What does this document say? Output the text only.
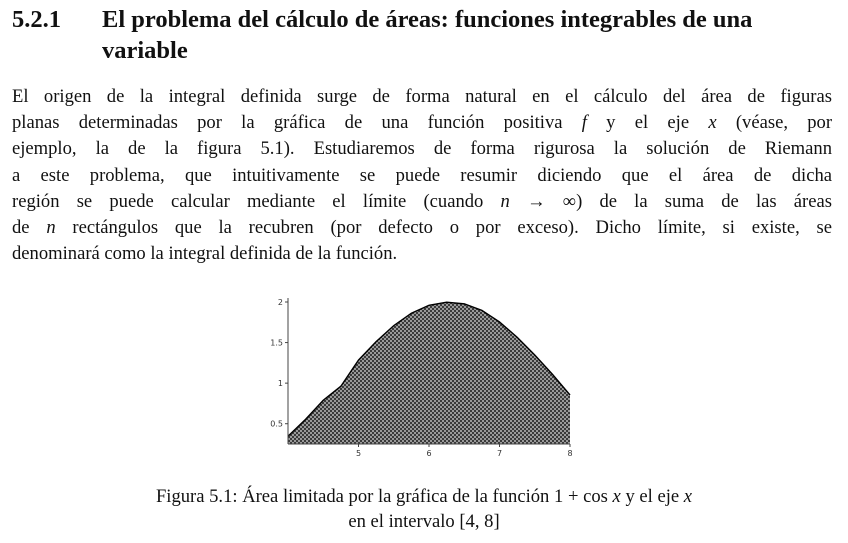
5.2.1	El problema del cálculo de áreas: funciones integrables de una variable
El origen de la integral definida surge de forma natural en el cálculo del área de figuras
planas determinadas por la gráfica de una función positiva f y el eje x (véase, por
ejemplo, la de la figura 5.1). Estudiaremos de forma rigurosa la solución de Riemann
a este problema, que intuitivamente se puede resumir diciendo que el área de dicha
región se puede calcular mediante el límite (cuando n → ∞) de la suma de las áreas
de n rectángulos que la recubren (por defecto o por exceso). Dicho límite, si existe, se
denominará como la integral definida de la función.
5	6	7	8
0.5
1
1.5
2
Figura 5.1: Área limitada por la gráfica de la función 1 + cos x y el eje x
en el intervalo [4, 8]
